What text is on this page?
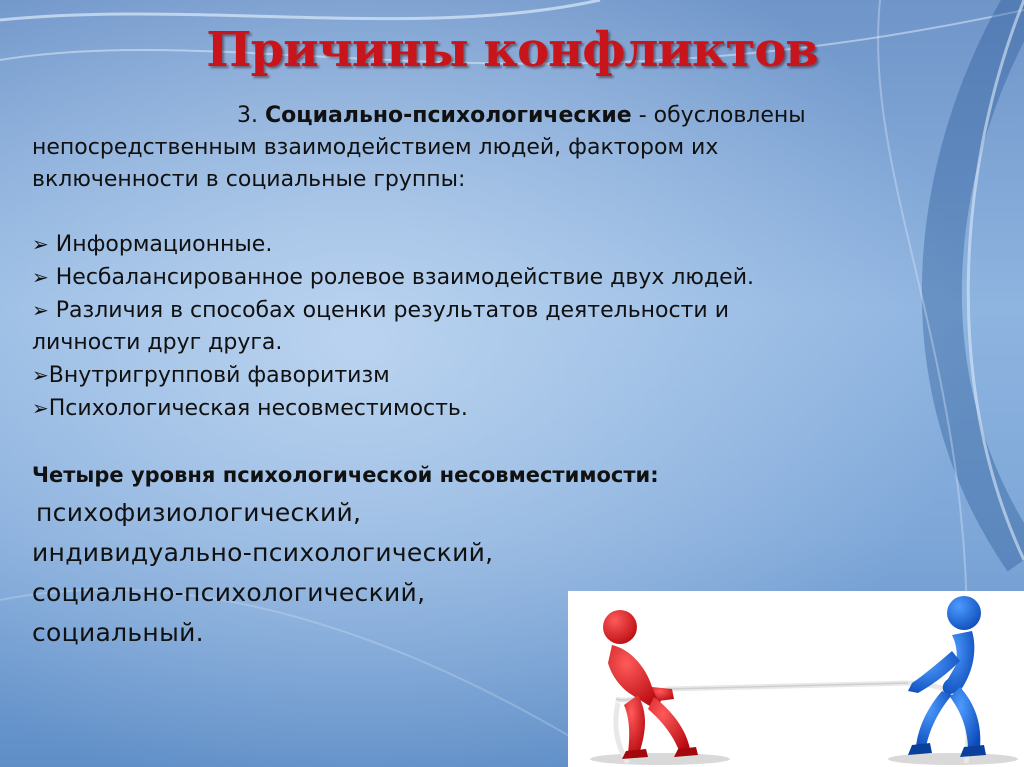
Причины конфликтов

3. Социально-психологические - обусловлены
непосредственным взаимодействием людей, фактором их
включенности в социальные группы:

➢ Информационные.
➢ Несбалансированное ролевое взаимодействие двух людей.
➢ Различия в способах оценки результатов деятельности и
личности друг друга.
➢Внутригрупповй фаворитизм
➢Психологическая несовместимость.

Четыре уровня психологической несовместимости:

психофизиологический,
индивидуально-психологический,
социально-психологический,
социальный.
